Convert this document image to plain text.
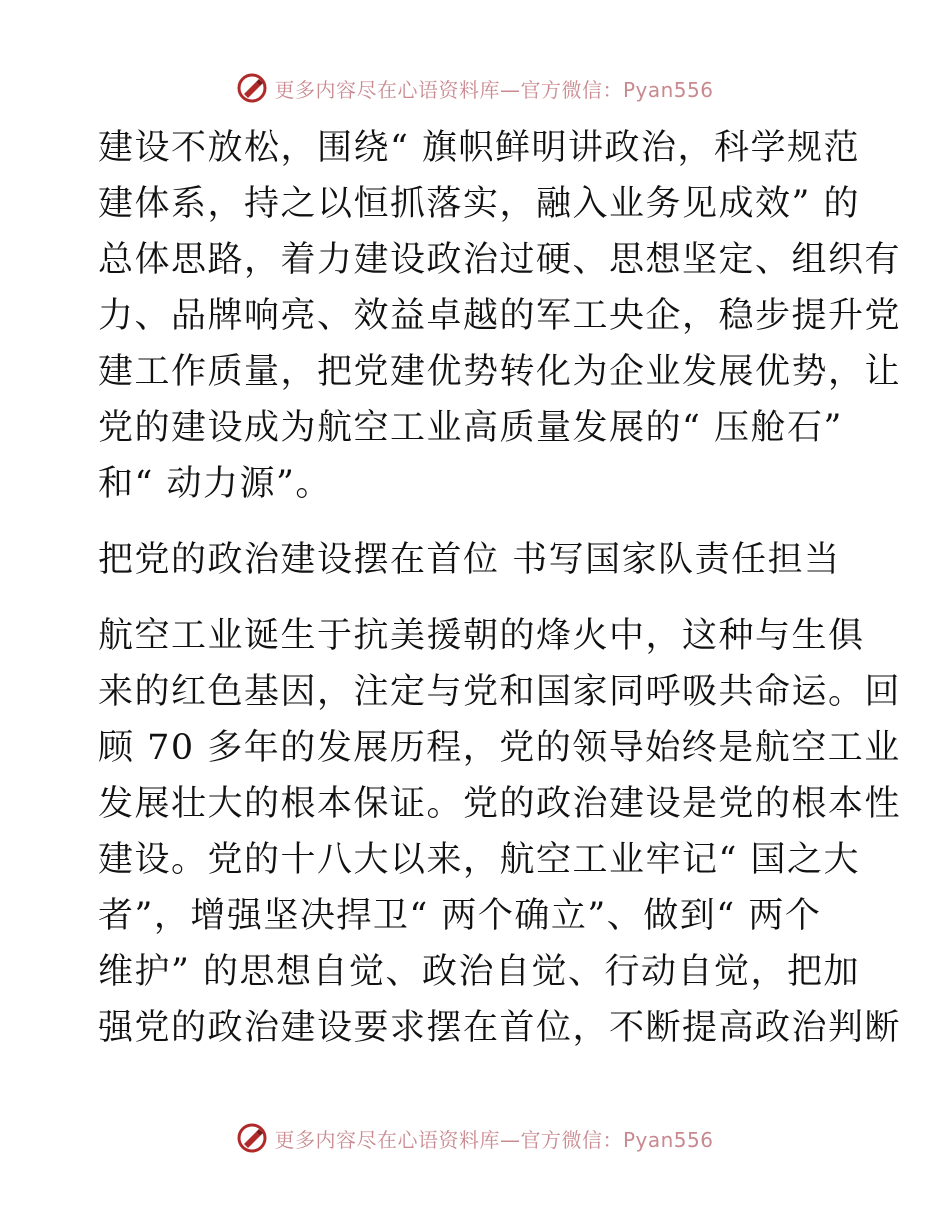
更多内容尽在心语资料库—官方微信：Pyan556
建设不放松，围绕“ 旗帜鲜明讲政治，科学规范
建体系，持之以恒抓落实，融入业务见成效” 的
总体思路，着力建设政治过硬、思想坚定、组织有
力、品牌响亮、效益卓越的军工央企，稳步提升党
建工作质量，把党建优势转化为企业发展优势，让
党的建设成为航空工业高质量发展的“ 压舱石”
和“ 动力源”。
把党的政治建设摆在首位 书写国家队责任担当
航空工业诞生于抗美援朝的烽火中，这种与生俱
来的红色基因，注定与党和国家同呼吸共命运。回
顾 70 多年的发展历程，党的领导始终是航空工业
发展壮大的根本保证。党的政治建设是党的根本性
建设。党的十八大以来，航空工业牢记“ 国之大
者”，增强坚决捍卫“ 两个确立”、做到“ 两个
维护” 的思想自觉、政治自觉、行动自觉，把加
强党的政治建设要求摆在首位，不断提高政治判断
更多内容尽在心语资料库—官方微信：Pyan556
